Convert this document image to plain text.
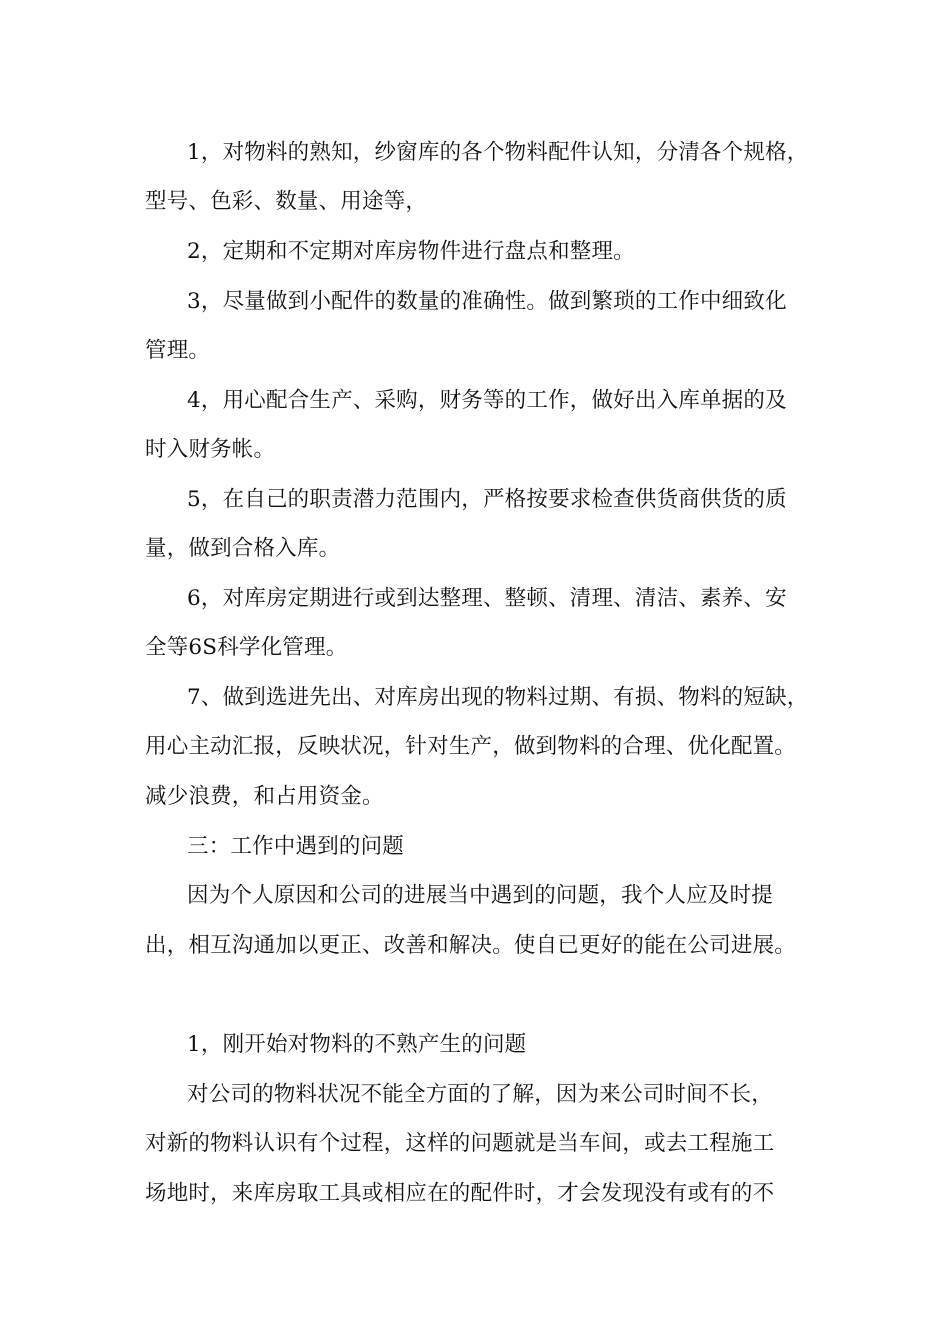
1，对物料的熟知，纱窗库的各个物料配件认知，分清各个规格，
型号、色彩、数量、用途等，
2，定期和不定期对库房物件进行盘点和整理。
3，尽量做到小配件的数量的准确性。做到繁琐的工作中细致化
管理。
4，用心配合生产、采购，财务等的工作，做好出入库单据的及
时入财务帐。
5，在自己的职责潜力范围内，严格按要求检查供货商供货的质
量，做到合格入库。
6，对库房定期进行或到达整理、整顿、清理、清洁、素养、安
全等6S科学化管理。
7、做到选进先出、对库房出现的物料过期、有损、物料的短缺，
用心主动汇报，反映状况，针对生产，做到物料的合理、优化配置。
减少浪费，和占用资金。
三：工作中遇到的问题
因为个人原因和公司的进展当中遇到的问题，我个人应及时提
出，相互沟通加以更正、改善和解决。使自已更好的能在公司进展。
1，刚开始对物料的不熟产生的问题
对公司的物料状况不能全方面的了解，因为来公司时间不长，
对新的物料认识有个过程，这样的问题就是当车间，或去工程施工
场地时，来库房取工具或相应在的配件时，才会发现没有或有的不
